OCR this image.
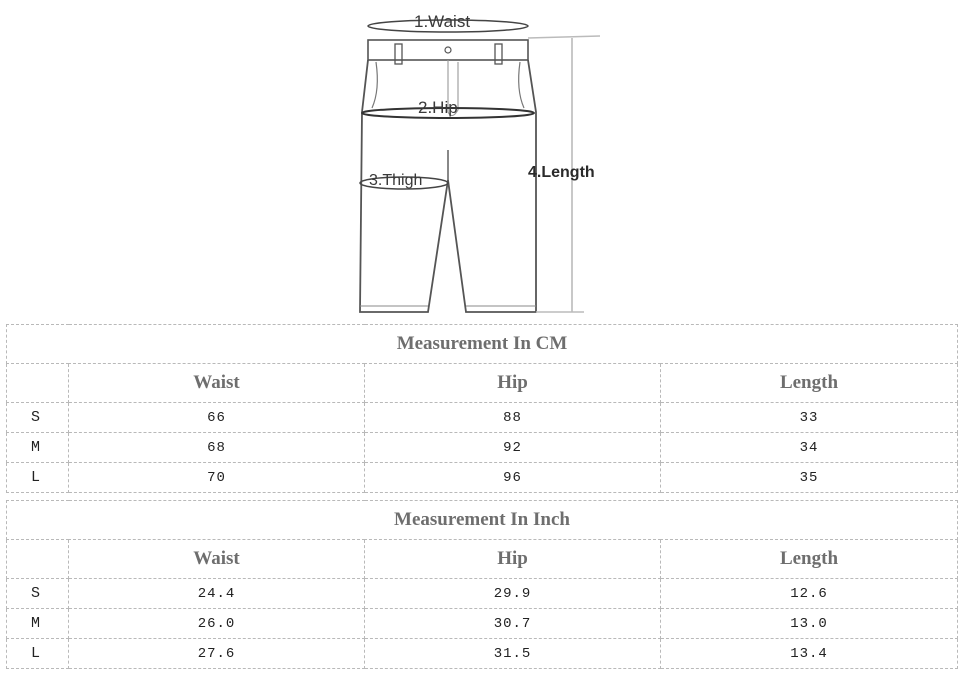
1.Waist
2.Hip
3.Thigh	4.Length
Measurement In CM			
	Waist	Hip	Length
S	66	88	33
M	68	92	34
L	70	96	35
Measurement In Inch			
	Waist	Hip	Length
S	24.4	29.9	12.6
M	26.0	30.7	13.0
L	27.6	31.5	13.4
